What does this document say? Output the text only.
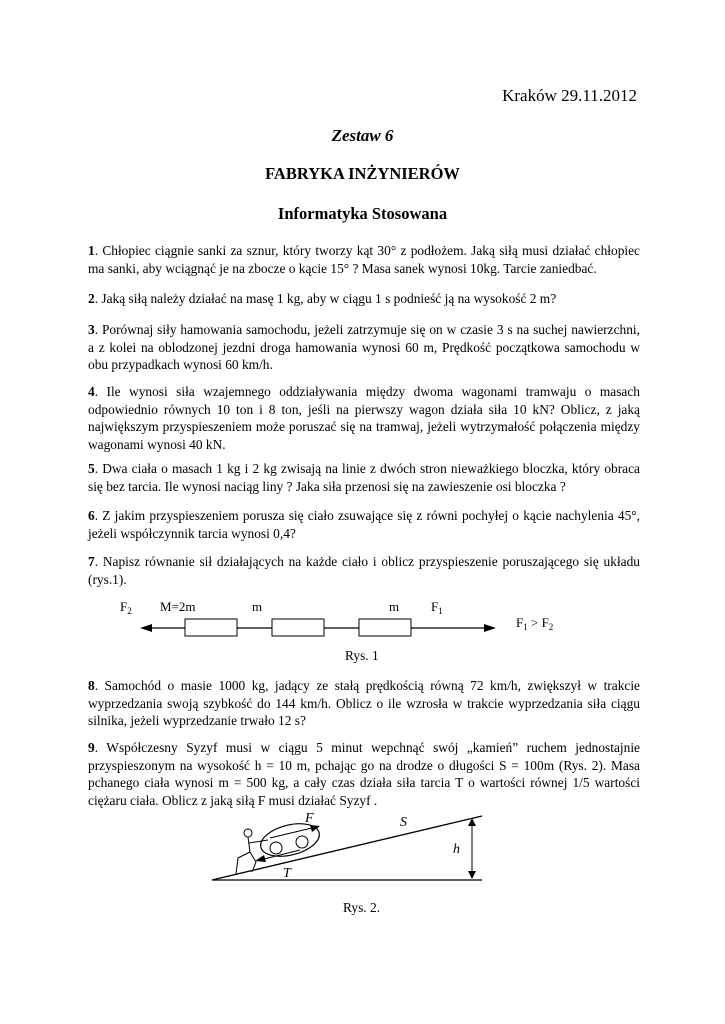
Kraków 29.11.2012
Zestaw 6
FABRYKA INŻYNIERÓW
Informatyka Stosowana
1. Chłopiec ciągnie sanki za sznur, który tworzy kąt 30° z podłożem. Jaką siłą musi działać chłopiec ma sanki, aby wciągnąć je na zbocze o kącie 15° ? Masa sanek wynosi 10kg. Tarcie zaniedbać.
2. Jaką siłą należy działać na masę 1 kg, aby w ciągu 1 s podnieść ją na wysokość 2 m?
3. Porównaj siły hamowania samochodu, jeżeli zatrzymuje się on w czasie 3 s na suchej nawierzchni, a z kolei na oblodzonej jezdni droga hamowania wynosi 60 m, Prędkość początkowa samochodu w obu przypadkach wynosi 60 km/h.
4. Ile wynosi siła wzajemnego oddziaływania między dwoma wagonami tramwaju o masach odpowiednio równych 10 ton i 8 ton, jeśli na pierwszy wagon działa siła 10 kN? Oblicz, z jaką największym przyspieszeniem może poruszać się na tramwaj, jeżeli wytrzymałość połączenia między wagonami wynosi 40 kN.
5. Dwa ciała o masach 1 kg i 2 kg zwisają na linie z dwóch stron nieważkiego bloczka, który obraca się bez tarcia. Ile wynosi naciąg liny ? Jaka siła przenosi się na zawieszenie osi bloczka ?
6. Z jakim przyspieszeniem porusza się ciało zsuwające się z równi pochyłej o kącie nachylenia 45°, jeżeli współczynnik tarcia wynosi 0,4?
7. Napisz równanie sił działających na każde ciało i oblicz przyspieszenie poruszającego się układu (rys.1).
8. Samochód o masie 1000 kg, jadący ze stałą prędkością równą 72 km/h, zwiększył w trakcie wyprzedzania swoją szybkość do 144 km/h. Oblicz o ile wzrosła w trakcie wyprzedzania siła ciągu silnika, jeżeli wyprzedzanie trwało 12 s?
9. Współczesny Syzyf musi w ciągu 5 minut wepchnąć swój „kamień” ruchem jednostajnie przyspieszonym na wysokość h = 10 m, pchając go na drodze o długości S = 100m (Rys. 2). Masa pchanego ciała wynosi m = 500 kg, a cały czas działa siła tarcia T o wartości równej 1/5 wartości ciężaru ciała. Oblicz z jaką siłą F musi działać Syzyf .
$F_2$ M=2m	m	m $F_1$
$F_1 > F_2$
F	S
h
T
Rys. 1
Rys. 2.
